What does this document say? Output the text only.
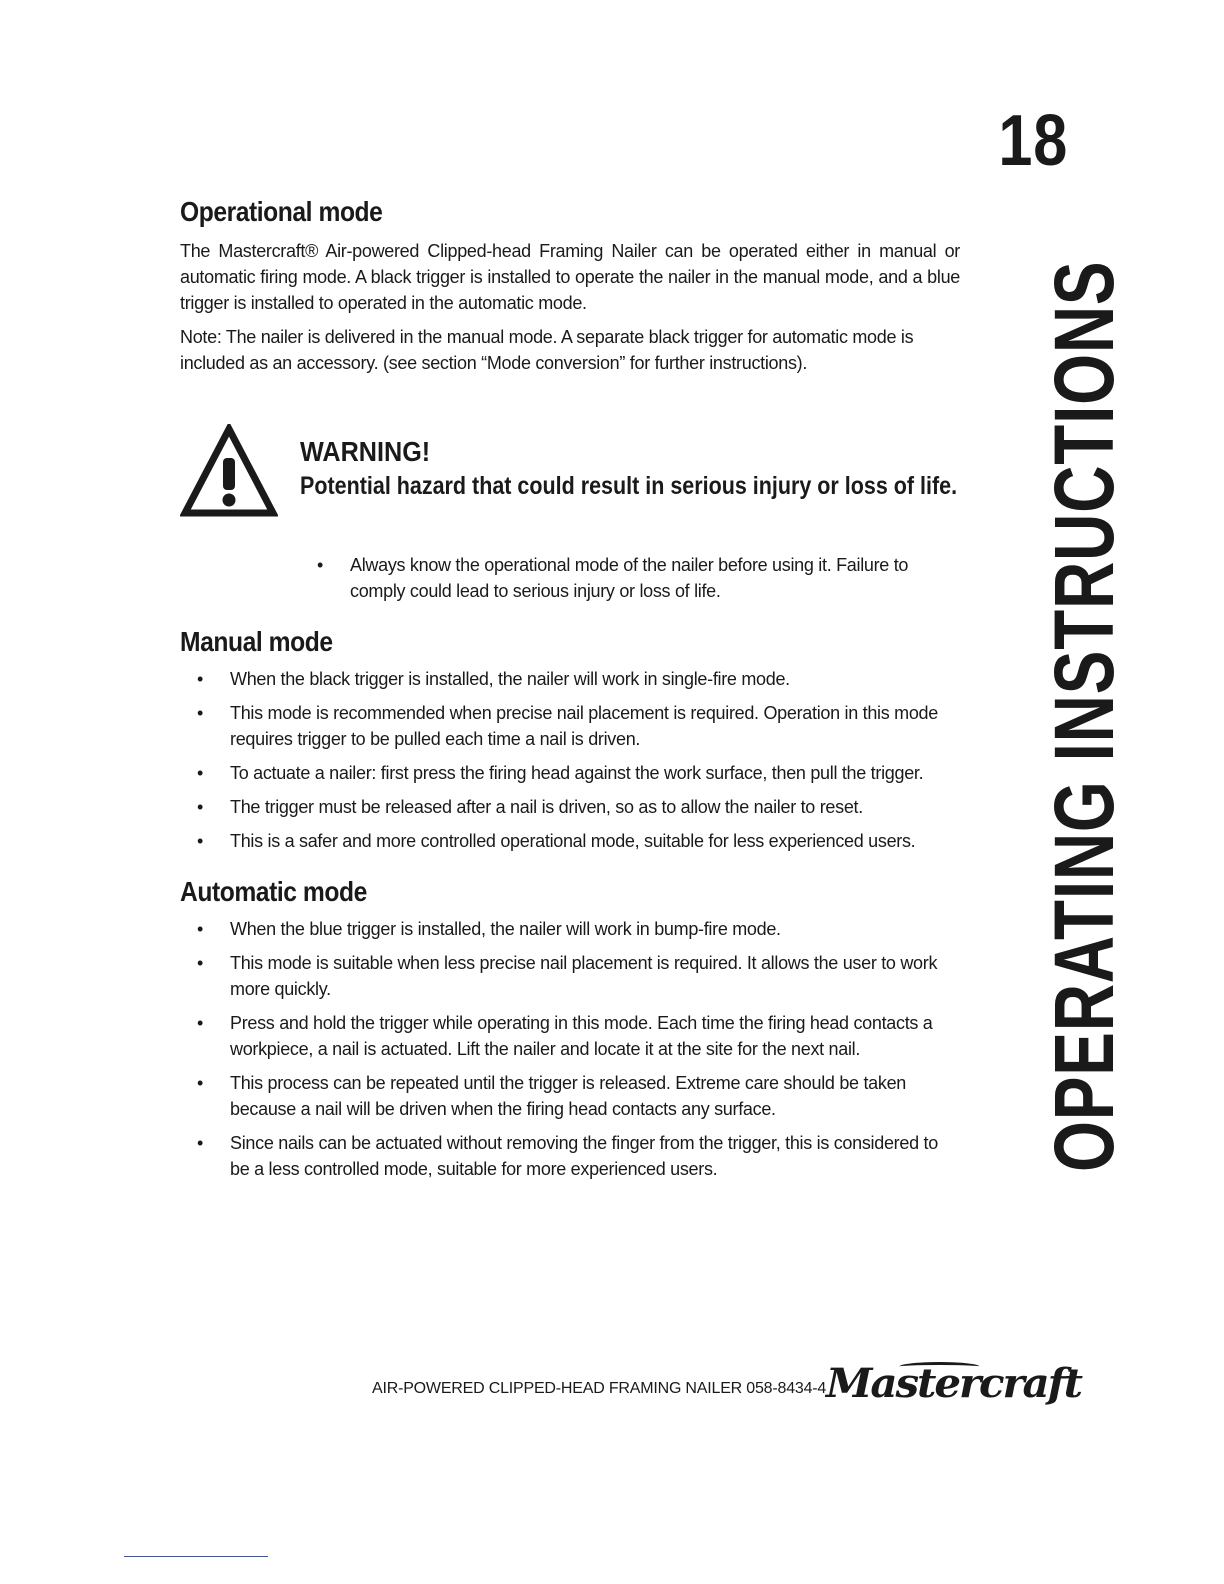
18
OPERATING INSTRUCTIONS
Operational mode

The Mastercraft® Air-powered Clipped-head Framing Nailer can be operated either in manual or automatic firing mode. A black trigger is installed to operate the nailer in the manual mode, and a blue trigger is installed to operated in the automatic mode.

Note: The nailer is delivered in the manual mode. A separate black trigger for automatic mode is included as an accessory. (see section “Mode conversion” for further instructions).

WARNING!
Potential hazard that could result in serious injury or loss of life.
• Always know the operational mode of the nailer before using it. Failure to comply could lead to serious injury or loss of life.
Manual mode
• When the black trigger is installed, the nailer will work in single-fire mode.
• This mode is recommended when precise nail placement is required. Operation in this mode requires trigger to be pulled each time a nail is driven.
• To actuate a nailer: first press the firing head against the work surface, then pull the trigger.
• The trigger must be released after a nail is driven, so as to allow the nailer to reset.
• This is a safer and more controlled operational mode, suitable for less experienced users.
Automatic mode
• When the blue trigger is installed, the nailer will work in bump-fire mode.
• This mode is suitable when less precise nail placement is required. It allows the user to work more quickly.
• Press and hold the trigger while operating in this mode. Each time the firing head contacts a workpiece, a nail is actuated. Lift the nailer and locate it at the site for the next nail.
• This process can be repeated until the trigger is released. Extreme care should be taken because a nail will be driven when the firing head contacts any surface.
• Since nails can be actuated without removing the finger from the trigger, this is considered to be a less controlled mode, suitable for more experienced users.
AIR-POWERED CLIPPED-HEAD FRAMING NAILER 058-8434-4 Mastercraft
